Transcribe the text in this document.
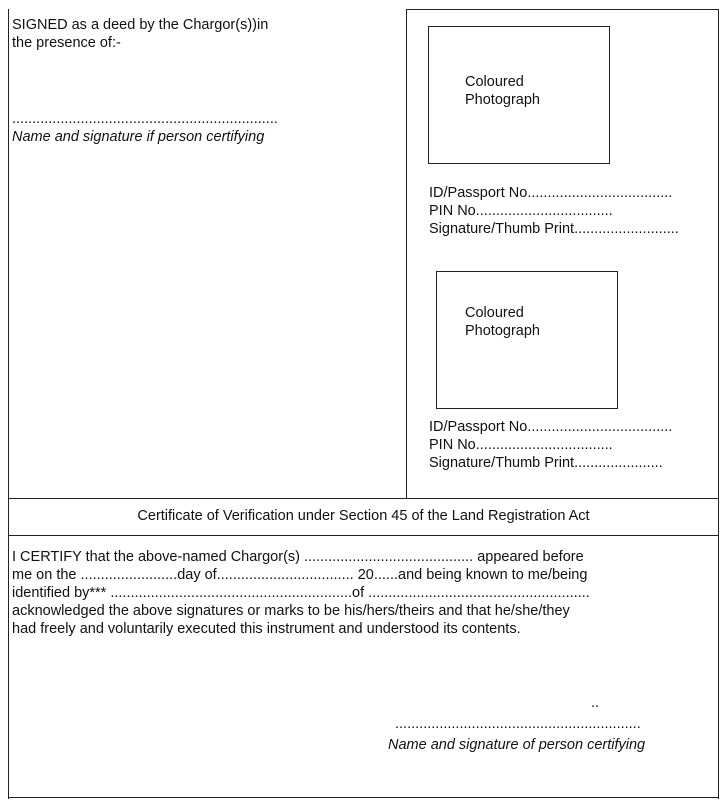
SIGNED as a deed by the Chargor(s))in
the presence of:-
..................................................................
Name and signature if person certifying
Coloured
Photograph
ID/Passport No....................................
PIN No..................................
Signature/Thumb Print..........................
Coloured
Photograph
ID/Passport No....................................
PIN No..................................
Signature/Thumb Print......................
Certificate of Verification under Section 45 of the Land Registration Act
I CERTIFY that the above-named Chargor(s) .......................................... appeared before
me on the ........................day of.................................. 20......and being known to me/being
identified by*** ............................................................of .......................................................
acknowledged the above signatures or marks to be his/hers/theirs and that he/she/they
had freely and voluntarily executed this instrument and understood its contents.
..
.............................................................
Name and signature of person certifying
